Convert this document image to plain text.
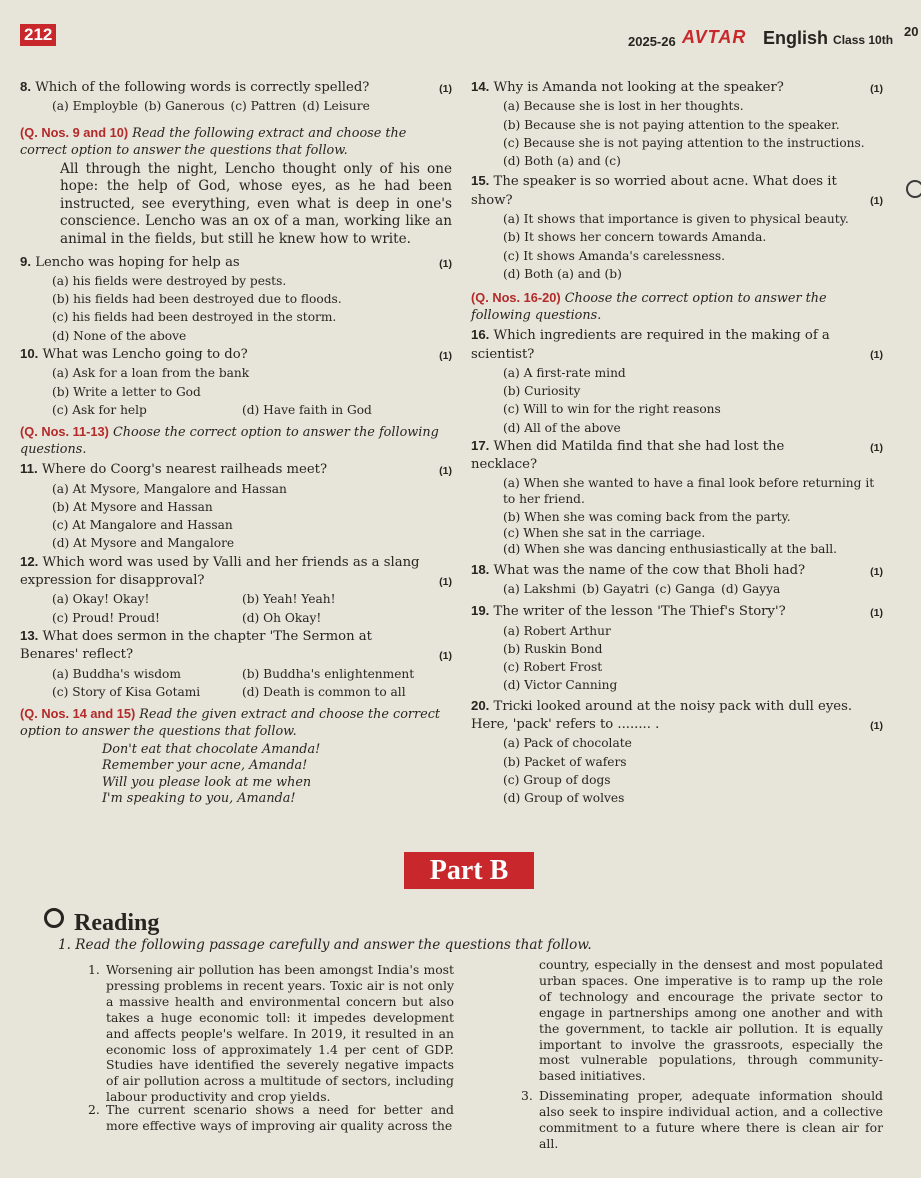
212	2025-26 AVTAR English Class 10th
20
8. Which of the following words is correctly spelled?	(1)
(a) Employble (b) Ganerous (c) Pattren (d) Leisure
(Q. Nos. 9 and 10) Read the following extract and choose the correct option to answer the questions that follow.
All through the night, Lencho thought only of his one hope: the help of God, whose eyes, as he had been instructed, see everything, even what is deep in one's conscience. Lencho was an ox of a man, working like an animal in the fields, but still he knew how to write.
9. Lencho was hoping for help as	(1)
(a) his fields were destroyed by pests.
(b) his fields had been destroyed due to floods.
(c) his fields had been destroyed in the storm.
(d) None of the above
10. What was Lencho going to do?	(1)
(a) Ask for a loan from the bank
(b) Write a letter to God
(c) Ask for help	(d) Have faith in God
(Q. Nos. 11-13) Choose the correct option to answer the following questions.
11. Where do Coorg's nearest railheads meet?	(1)
(a) At Mysore, Mangalore and Hassan
(b) At Mysore and Hassan
(c) At Mangalore and Hassan
(d) At Mysore and Mangalore
12. Which word was used by Valli and her friends as a slang expression for disapproval?	(1)
(a) Okay! Okay!	(b) Yeah! Yeah!
(c) Proud! Proud!	(d) Oh Okay!
13. What does sermon in the chapter 'The Sermon at Benares' reflect?	(1)
(a) Buddha's wisdom	(b) Buddha's enlightenment
(c) Story of Kisa Gotami	(d) Death is common to all
(Q. Nos. 14 and 15) Read the given extract and choose the correct option to answer the questions that follow.
Don't eat that chocolate Amanda!
Remember your acne, Amanda!
Will you please look at me when
I'm speaking to you, Amanda!
14. Why is Amanda not looking at the speaker?	(1)
(a) Because she is lost in her thoughts.
(b) Because she is not paying attention to the speaker.
(c) Because she is not paying attention to the instructions.
(d) Both (a) and (c)
15. The speaker is so worried about acne. What does it show?	(1)
(a) It shows that importance is given to physical beauty.
(b) It shows her concern towards Amanda.
(c) It shows Amanda's carelessness.
(d) Both (a) and (b)
(Q. Nos. 16-20) Choose the correct option to answer the following questions.
16. Which ingredients are required in the making of a scientist?	(1)
(a) A first-rate mind
(b) Curiosity
(c) Will to win for the right reasons
(d) All of the above
17. When did Matilda find that she had lost the necklace?
(1)
(a) When she wanted to have a final look before returning it to her friend.
(b) When she was coming back from the party.
(c) When she sat in the carriage.
(d) When she was dancing enthusiastically at the ball.
18. What was the name of the cow that Bholi had?	(1)
(a) Lakshmi (b) Gayatri (c) Ganga (d) Gayya
19. The writer of the lesson 'The Thief's Story'?	(1)
(a) Robert Arthur
(b) Ruskin Bond
(c) Robert Frost
(d) Victor Canning
20. Tricki looked around at the noisy pack with dull eyes. Here, 'pack' refers to ........ .	(1)
(a) Pack of chocolate
(b) Packet of wafers
(c) Group of dogs
(d) Group of wolves
Part B
Reading
1. Read the following passage carefully and answer the questions that follow.
1. Worsening air pollution has been amongst India's most pressing problems in recent years. Toxic air is not only a massive health and environmental concern but also takes a huge economic toll: it impedes development and affects people's welfare. In 2019, it resulted in an economic loss of approximately 1.4 per cent of GDP. Studies have identified the severely negative impacts of air pollution across a multitude of sectors, including labour productivity and crop yields.
2. The current scenario shows a need for better and more effective ways of improving air quality across the
country, especially in the densest and most populated urban spaces. One imperative is to ramp up the role of technology and encourage the private sector to engage in partnerships among one another and with the government, to tackle air pollution. It is equally important to involve the grassroots, especially the most vulnerable populations, through community-based initiatives.
3. Disseminating proper, adequate information should also seek to inspire individual action, and a collective commitment to a future where there is clean air for all.
